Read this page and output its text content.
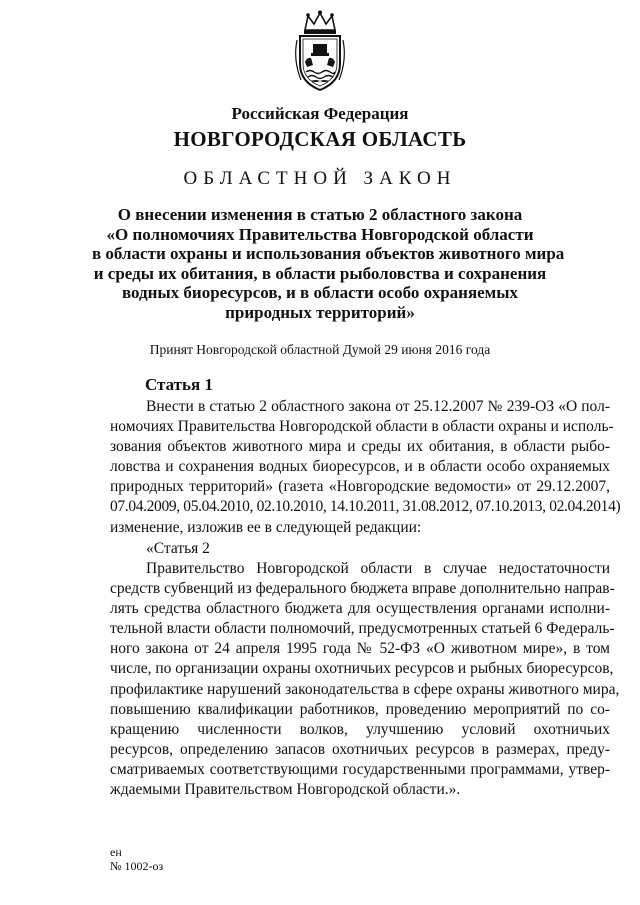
Российская Федерация
НОВГОРОДСКАЯ ОБЛАСТЬ
ОБЛАСТНОЙ ЗАКОН
О внесении изменения в статью 2 областного закона
«О полномочиях Правительства Новгородской области
в области охраны и использования объектов животного мира
и среды их обитания, в области рыболовства и сохранения
водных биоресурсов, и в области особо охраняемых
природных территорий»
Принят Новгородской областной Думой 29 июня 2016 года
Статья 1
Внести в статью 2 областного закона от 25.12.2007 № 239-ОЗ «О пол-
номочиях Правительства Новгородской области в области охраны и исполь-
зования объектов животного мира и среды их обитания, в области рыбо-
ловства и сохранения водных биоресурсов, и в области особо охраняемых
природных территорий» (газета «Новгородские ведомости» от 29.12.2007,
07.04.2009, 05.04.2010, 02.10.2010, 14.10.2011, 31.08.2012, 07.10.2013, 02.04.2014)
изменение, изложив ее в следующей редакции:
«Статья 2
Правительство Новгородской области в случае недостаточности
средств субвенций из федерального бюджета вправе дополнительно направ-
лять средства областного бюджета для осуществления органами исполни-
тельной власти области полномочий, предусмотренных статьей 6 Федераль-
ного закона от 24 апреля 1995 года № 52-ФЗ «О животном мире», в том
числе, по организации охраны охотничьих ресурсов и рыбных биоресурсов,
профилактике нарушений законодательства в сфере охраны животного мира,
повышению квалификации работников, проведению мероприятий по со-
кращению численности волков, улучшению условий охотничьих
ресурсов, определению запасов охотничьих ресурсов в размерах, преду-
сматриваемых соответствующими государственными программами, утвер-
ждаемыми Правительством Новгородской области.».
ен
№ 1002-оз
